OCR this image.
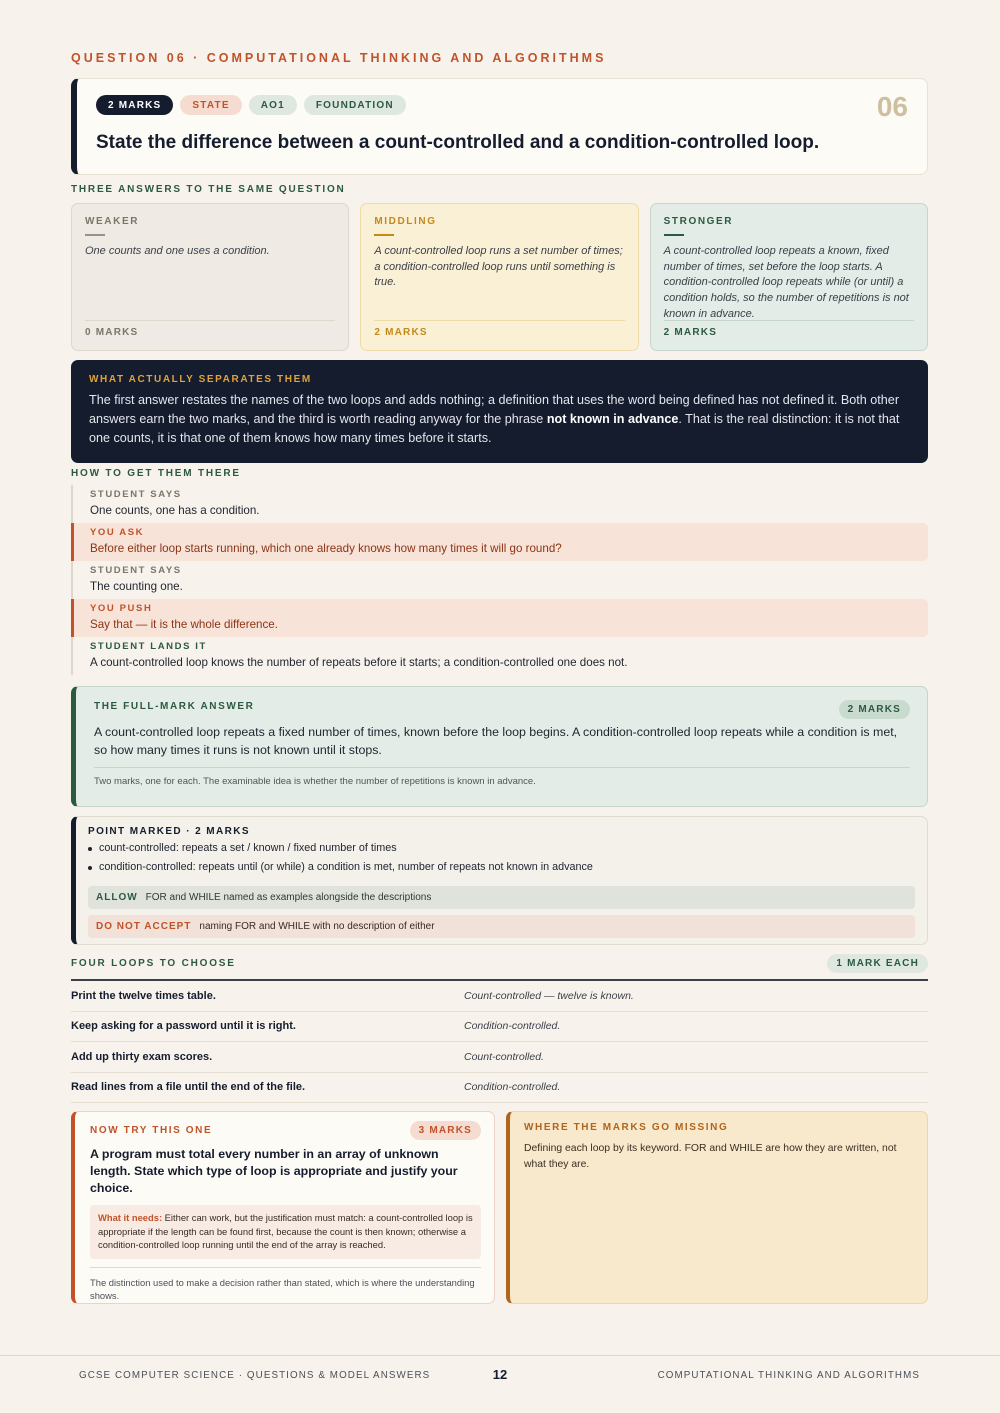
QUESTION 06 · COMPUTATIONAL THINKING AND ALGORITHMS
2 MARKS	STATE	AO1	FOUNDATION	06
State the difference between a count-controlled and a condition-controlled loop.
THREE ANSWERS TO THE SAME QUESTION
WEAKER
One counts and one uses a condition.
0 MARKS
MIDDLING
A count-controlled loop runs a set number of times; a condition-controlled loop runs until something is true.
2 MARKS
STRONGER
A count-controlled loop repeats a known, fixed number of times, set before the loop starts. A condition-controlled loop repeats while (or until) a condition holds, so the number of repetitions is not known in advance.
2 MARKS
WHAT ACTUALLY SEPARATES THEM
The first answer restates the names of the two loops and adds nothing; a definition that uses the word being defined has not defined it. Both other answers earn the two marks, and the third is worth reading anyway for the phrase not known in advance. That is the real distinction: it is not that one counts, it is that one of them knows how many times before it starts.
HOW TO GET THEM THERE
STUDENT SAYS
One counts, one has a condition.
YOU ASK
Before either loop starts running, which one already knows how many times it will go round?
STUDENT SAYS
The counting one.
YOU PUSH
Say that — it is the whole difference.
STUDENT LANDS IT
A count-controlled loop knows the number of repeats before it starts; a condition-controlled one does not.
THE FULL-MARK ANSWER	2 MARKS
A count-controlled loop repeats a fixed number of times, known before the loop begins. A condition-controlled loop repeats while a condition is met, so how many times it runs is not known until it stops.
Two marks, one for each. The examinable idea is whether the number of repetitions is known in advance.
POINT MARKED · 2 MARKS
count-controlled: repeats a set / known / fixed number of times
condition-controlled: repeats until (or while) a condition is met, number of repeats not known in advance
ALLOW FOR and WHILE named as examples alongside the descriptions
DO NOT ACCEPT naming FOR and WHILE with no description of either
FOUR LOOPS TO CHOOSE	1 MARK EACH
Print the twelve times table.	Count-controlled — twelve is known.
Keep asking for a password until it is right.	Condition-controlled.
Add up thirty exam scores.	Count-controlled.
Read lines from a file until the end of the file.	Condition-controlled.
NOW TRY THIS ONE	3 MARKS
A program must total every number in an array of unknown length. State which type of loop is appropriate and justify your choice.
What it needs: Either can work, but the justification must match: a count-controlled loop is appropriate if the length can be found first, because the count is then known; otherwise a condition-controlled loop running until the end of the array is reached.
The distinction used to make a decision rather than stated, which is where the understanding shows.
WHERE THE MARKS GO MISSING
Defining each loop by its keyword. FOR and WHILE are how they are written, not what they are.
GCSE COMPUTER SCIENCE · QUESTIONS & MODEL ANSWERS	12	COMPUTATIONAL THINKING AND ALGORITHMS
